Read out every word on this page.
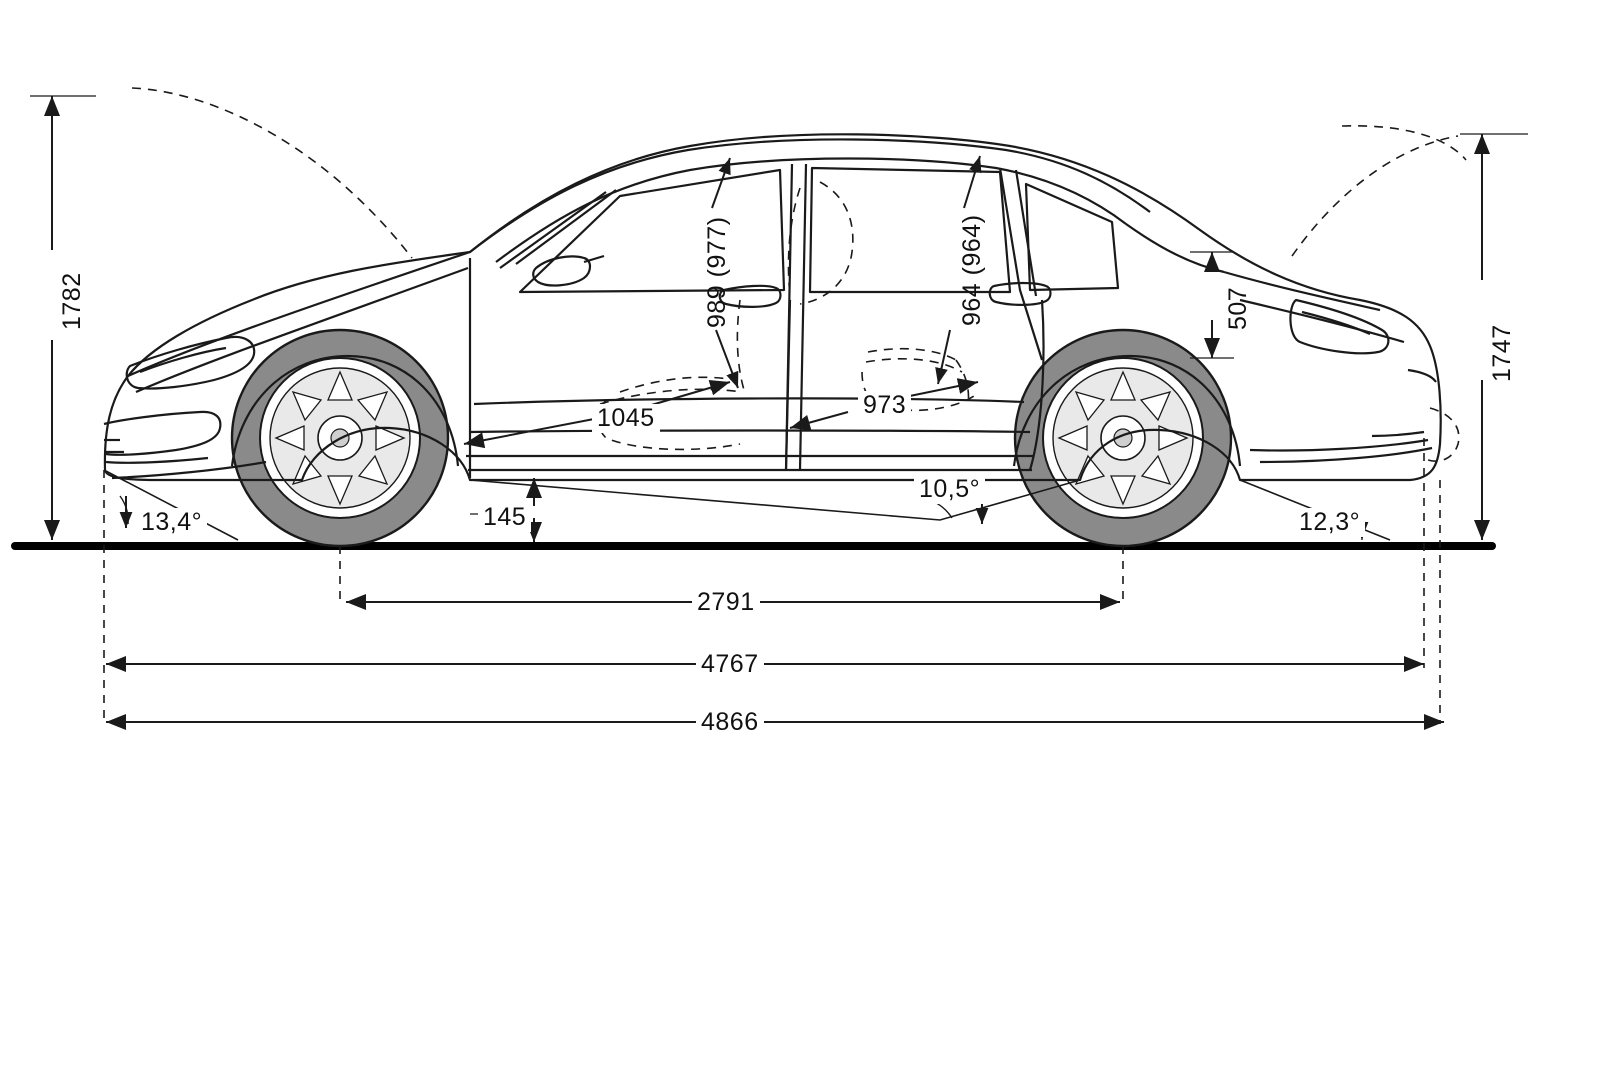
1782
1747
989 (977)	964 (964)	507
1045	973
145
13,4°
10,5°
12,3°
2791
4767
4866
